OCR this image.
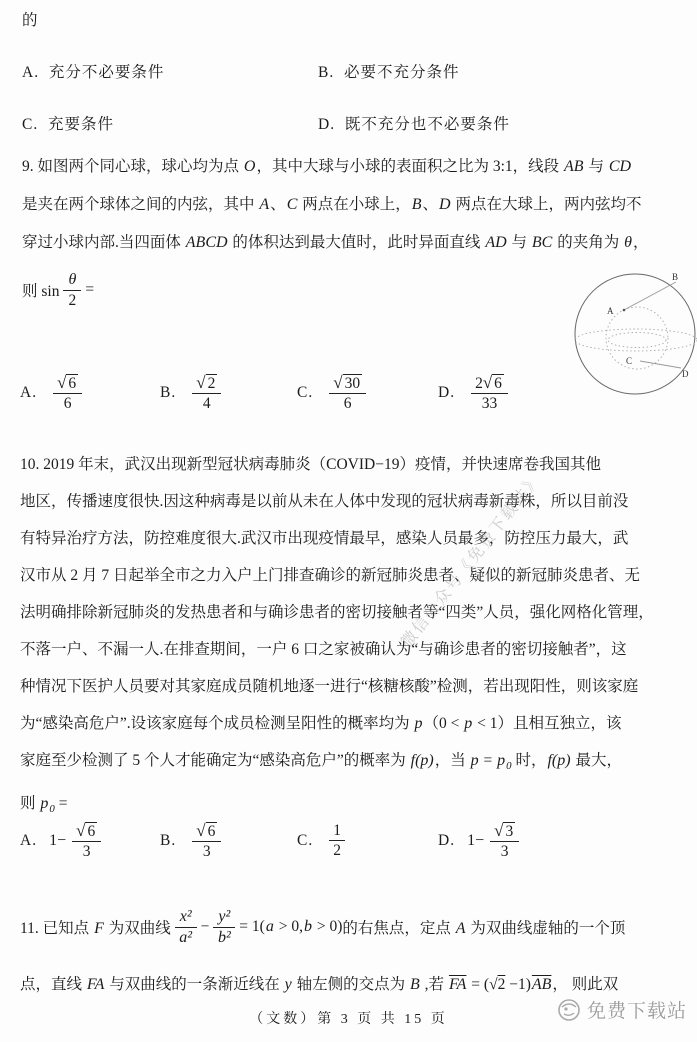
的
A. 充分不必要条件	B. 必要不充分条件
C. 充要条件	D. 既不充分也不必要条件
9. 如图两个同心球，球心均为点 O，其中大球与小球的表面积之比为 3:1，线段 AB 与 CD
是夹在两个球体之间的内弦，其中 A、C 两点在小球上，B、D 两点在大球上，两内弦均不
穿过小球内部.当四面体 ABCD 的体积达到最大值时，此时异面直线 AD 与 BC 的夹角为 θ，
则 $\sin \frac{\theta}{2}$ =
A
B
C
D
A. $\frac{√ 6}{6}$	B. $\frac{√ 2}{4}$	C. $\frac{√ 30}{6}$	D. $\frac{2 √ 6}{33}$
10. 2019 年末，武汉出现新型冠状病毒肺炎（COVID−19）疫情，并快速席卷我国其他
地区，传播速度很快.因这种病毒是以前从未在人体中发现的冠状病毒新毒株，所以目前没
有特异治疗方法，防控难度很大.武汉市出现疫情最早，感染人员最多，防控压力最大，武
汉市从 2 月 7 日起举全市之力入户上门排查确诊的新冠肺炎患者、疑似的新冠肺炎患者、无
法明确排除新冠肺炎的发热患者和与确诊患者的密切接触者等“四类”人员，强化网格化管理，
不落一户、不漏一人.在排查期间，一户 6 口之家被确认为“与确诊患者的密切接触者”，这
种情况下医护人员要对其家庭成员随机地逐一进行“核糖核酸”检测，若出现阳性，则该家庭
为“感染高危户”.设该家庭每个成员检测呈阳性的概率均为 p（0 < p < 1）且相互独立，该
家庭至少检测了 5 个人才能确定为“感染高危户”的概率为 f(p)，当 $p = p_0$ 时，f(p) 最大，
则 $p_0$ =
A. $1- \frac{√ 6}{3}$	B. $\frac{√ 6}{3}$	C. $\frac{1}{2}$	D. $1- \frac{√ 3}{3}$
11. 已知点 F 为双曲线 $\frac{\text{x²}}{\text{a²}} - \frac{\text{y²}}{\text{b²}} = 1(a > 0,b > 0)$ 的右焦点，定点 A 为双曲线虚轴的一个顶
点，直线 FA 与双曲线的一条渐近线在 y 轴左侧的交点为 B ,若 $\overline{FA} = (√2 -1)\overline{AB}$， 则此双
微信公众号《免费下载站》
（文数）第 3 页 共 15 页	免费下载站
